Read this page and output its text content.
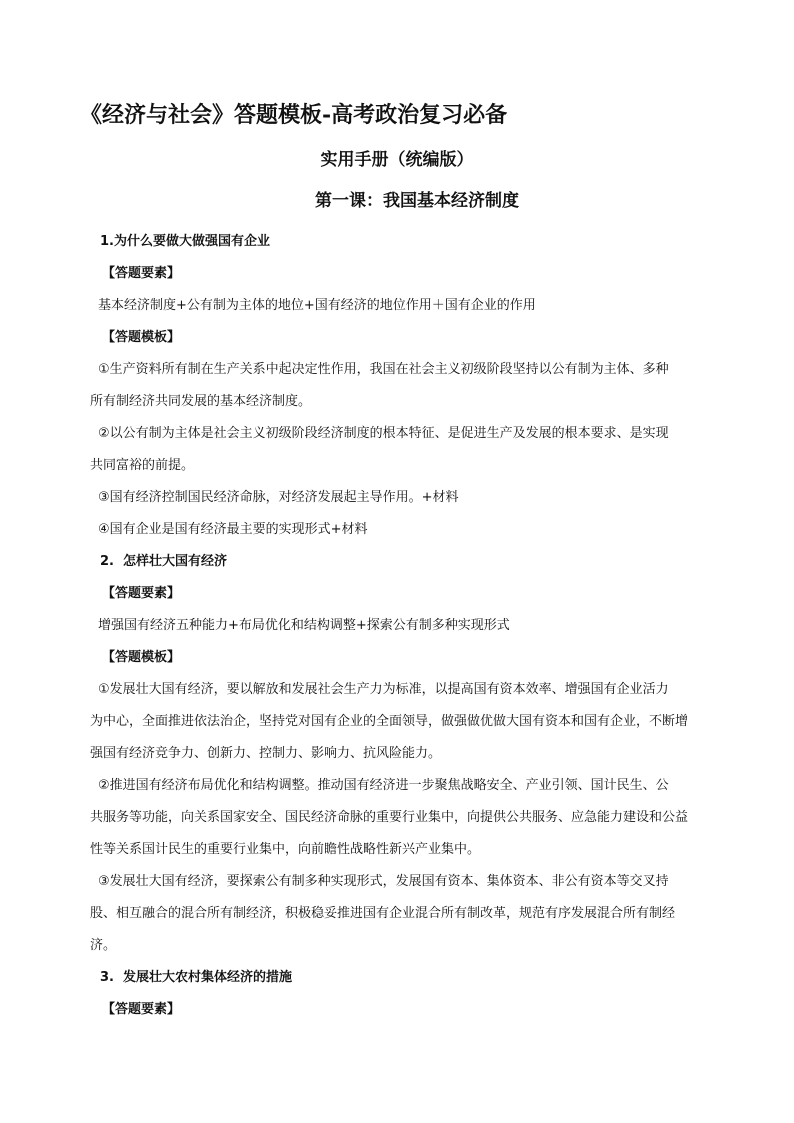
《经济与社会》答题模板-高考政治复习必备
实用手册（统编版）
第一课：我国基本经济制度
1.为什么要做大做强国有企业
【答题要素】
基本经济制度+公有制为主体的地位+国有经济的地位作用＋国有企业的作用
【答题模板】
①生产资料所有制在生产关系中起决定性作用，我国在社会主义初级阶段坚持以公有制为主体、多种
所有制经济共同发展的基本经济制度。
②以公有制为主体是社会主义初级阶段经济制度的根本特征、是促进生产及发展的根本要求、是实现
共同富裕的前提。
③国有经济控制国民经济命脉，对经济发展起主导作用。+材料
④国有企业是国有经济最主要的实现形式+材料
2.  怎样壮大国有经济
【答题要素】
增强国有经济五种能力+布局优化和结构调整+探索公有制多种实现形式
【答题模板】
①发展壮大国有经济，要以解放和发展社会生产力为标准，以提高国有资本效率、增强国有企业活力
为中心，全面推进依法治企，坚持党对国有企业的全面领导，做强做优做大国有资本和国有企业，不断增
强国有经济竞争力、创新力、控制力、影响力、抗风险能力。
②推进国有经济布局优化和结构调整。推动国有经济进一步聚焦战略安全、产业引领、国计民生、公
共服务等功能，向关系国家安全、国民经济命脉的重要行业集中，向提供公共服务、应急能力建设和公益
性等关系国计民生的重要行业集中，向前瞻性战略性新兴产业集中。
③发展壮大国有经济，要探索公有制多种实现形式，发展国有资本、集体资本、非公有资本等交叉持
股、相互融合的混合所有制经济，积极稳妥推进国有企业混合所有制改革，规范有序发展混合所有制经
济。
3.  发展壮大农村集体经济的措施
【答题要素】
